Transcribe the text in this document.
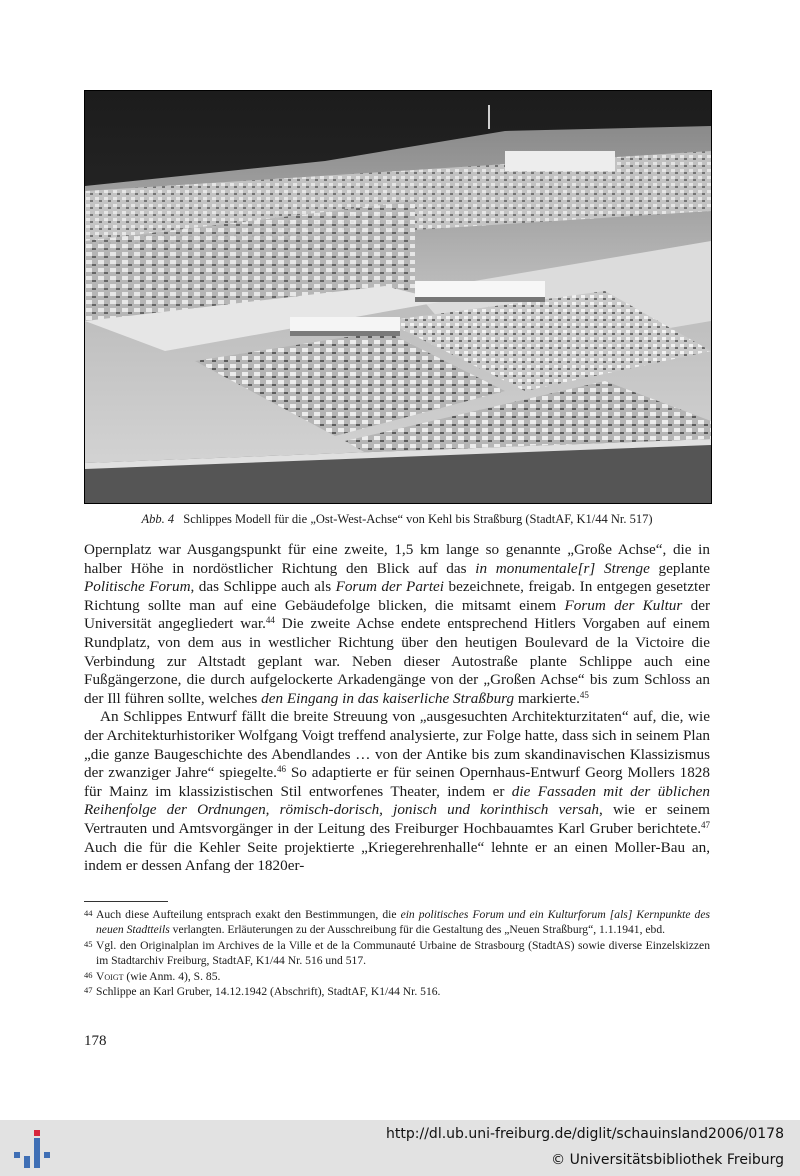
Abb. 4 Schlippes Modell für die „Ost-West-Achse“ von Kehl bis Straßburg (StadtAF, K1/44 Nr. 517)

Opernplatz war Ausgangspunkt für eine zweite, 1,5 km lange so genannte „Große Achse“, die in halber Höhe in nordöstlicher Richtung den Blick auf das in monumentale[r] Strenge geplante Politische Forum, das Schlippe auch als Forum der Partei bezeichnete, freigab. In entgegen gesetzter Richtung sollte man auf eine Gebäudefolge blicken, die mitsamt einem Forum der Kultur der Universität angegliedert war.$^{44}$ Die zweite Achse endete entsprechend Hitlers Vorgaben auf einem Rundplatz, von dem aus in westlicher Richtung über den heutigen Boulevard de la Victoire die Verbindung zur Altstadt geplant war. Neben dieser Autostraße plante Schlippe auch eine Fußgängerzone, die durch aufgelockerte Arkadengänge von der „Großen Achse“ bis zum Schloss an der Ill führen sollte, welches den Eingang in das kaiserliche Straßburg markierte.$^{45}$

An Schlippes Entwurf fällt die breite Streuung von „ausgesuchten Architekturzitaten“ auf, die, wie der Architekturhistoriker Wolfgang Voigt treffend analysierte, zur Folge hatte, dass sich in seinem Plan „die ganze Baugeschichte des Abendlandes … von der Antike bis zum skandinavischen Klassizismus der zwanziger Jahre“ spiegelte.$^{46}$ So adaptierte er für seinen Opernhaus-Entwurf Georg Mollers 1828 für Mainz im klassizistischen Stil entworfenes Theater, indem er die Fassaden mit der üblichen Reihenfolge der Ordnungen, römisch-dorisch, jonisch und korinthisch versah, wie er seinem Vertrauten und Amtsvorgänger in der Leitung des Freiburger Hochbauamtes Karl Gruber berichtete.$^{47}$ Auch die für die Kehler Seite projektierte „Kriegerehrenhalle“ lehnte er an einen Moller-Bau an, indem er dessen Anfang der 1820er-

44 Auch diese Aufteilung entsprach exakt den Bestimmungen, die ein politisches Forum und ein Kulturforum [als] Kernpunkte des neuen Stadtteils verlangten. Erläuterungen zu der Ausschreibung für die Gestaltung des „Neuen Straßburg“, 1.1.1941, ebd.
45 Vgl. den Originalplan im Archives de la Ville et de la Communauté Urbaine de Strasbourg (StadtAS) sowie diverse Einzelskizzen im Stadtarchiv Freiburg, StadtAF, K1/44 Nr. 516 und 517.
46 Voigt (wie Anm. 4), S. 85.
47 Schlippe an Karl Gruber, 14.12.1942 (Abschrift), StadtAF, K1/44 Nr. 516.
178
http://dl.ub.uni-freiburg.de/diglit/schauinsland2006/0178
© Universitätsbibliothek Freiburg
